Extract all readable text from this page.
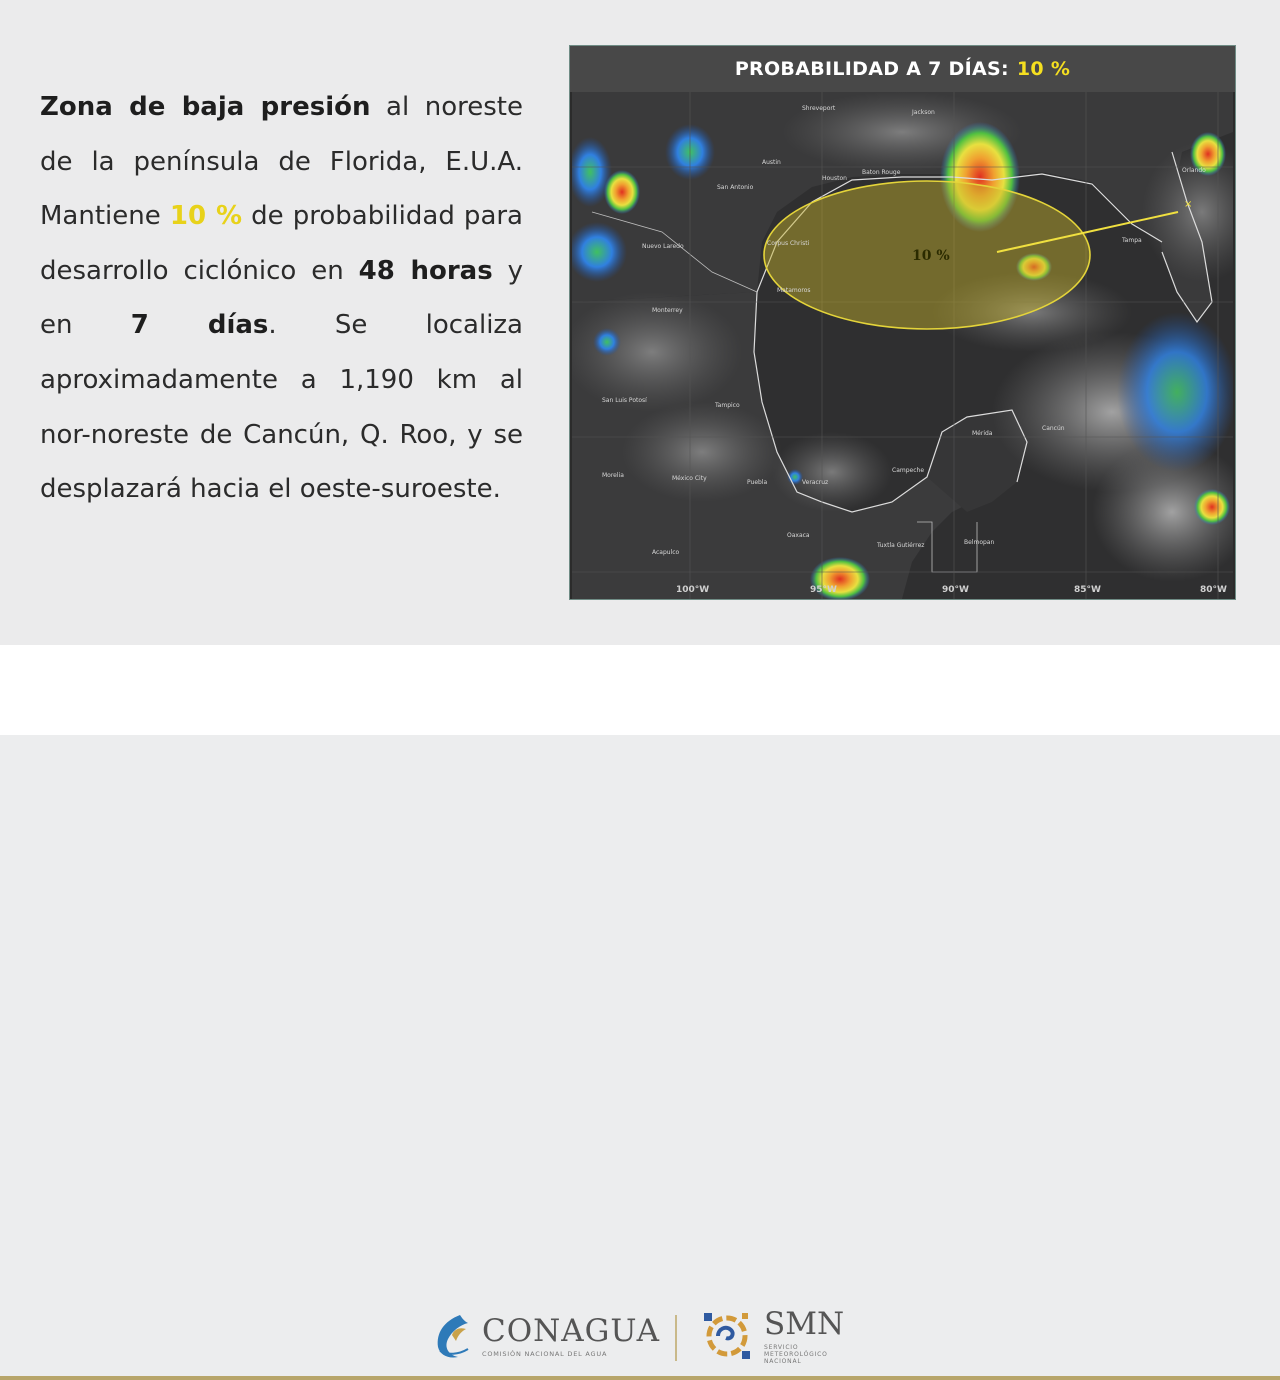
Zona de baja presión al noreste de la península de Florida, E.U.A. Mantiene 10 % de probabilidad para desarrollo ciclónico en 48 horas y en 7 días. Se localiza aproximadamente a 1,190 km al nor-noreste de Cancún, Q. Roo, y se desplazará hacia el oeste-suroeste.

PROBABILIDAD A 7 DÍAS: 10 %
10 %
×
Shreveport
Jackson
Austin
Baton Rouge
San Antonio
Houston
Nuevo Laredo	Corpus Christi
Monterrey
Matamoros
San Luis Potosí
Tampico
Mérida
Cancún
Campeche
Morelia	México City
Puebla	Veracruz
Oaxaca
Tuxtla Gutiérrez
Acapulco
Belmopan
Tampa
Orlando
100°W	95°W	90°W	85°W	80°W
CONAGUA
COMISIÓN NACIONAL DEL AGUA
SMN
SERVICIO
METEOROLÓGICO
NACIONAL
